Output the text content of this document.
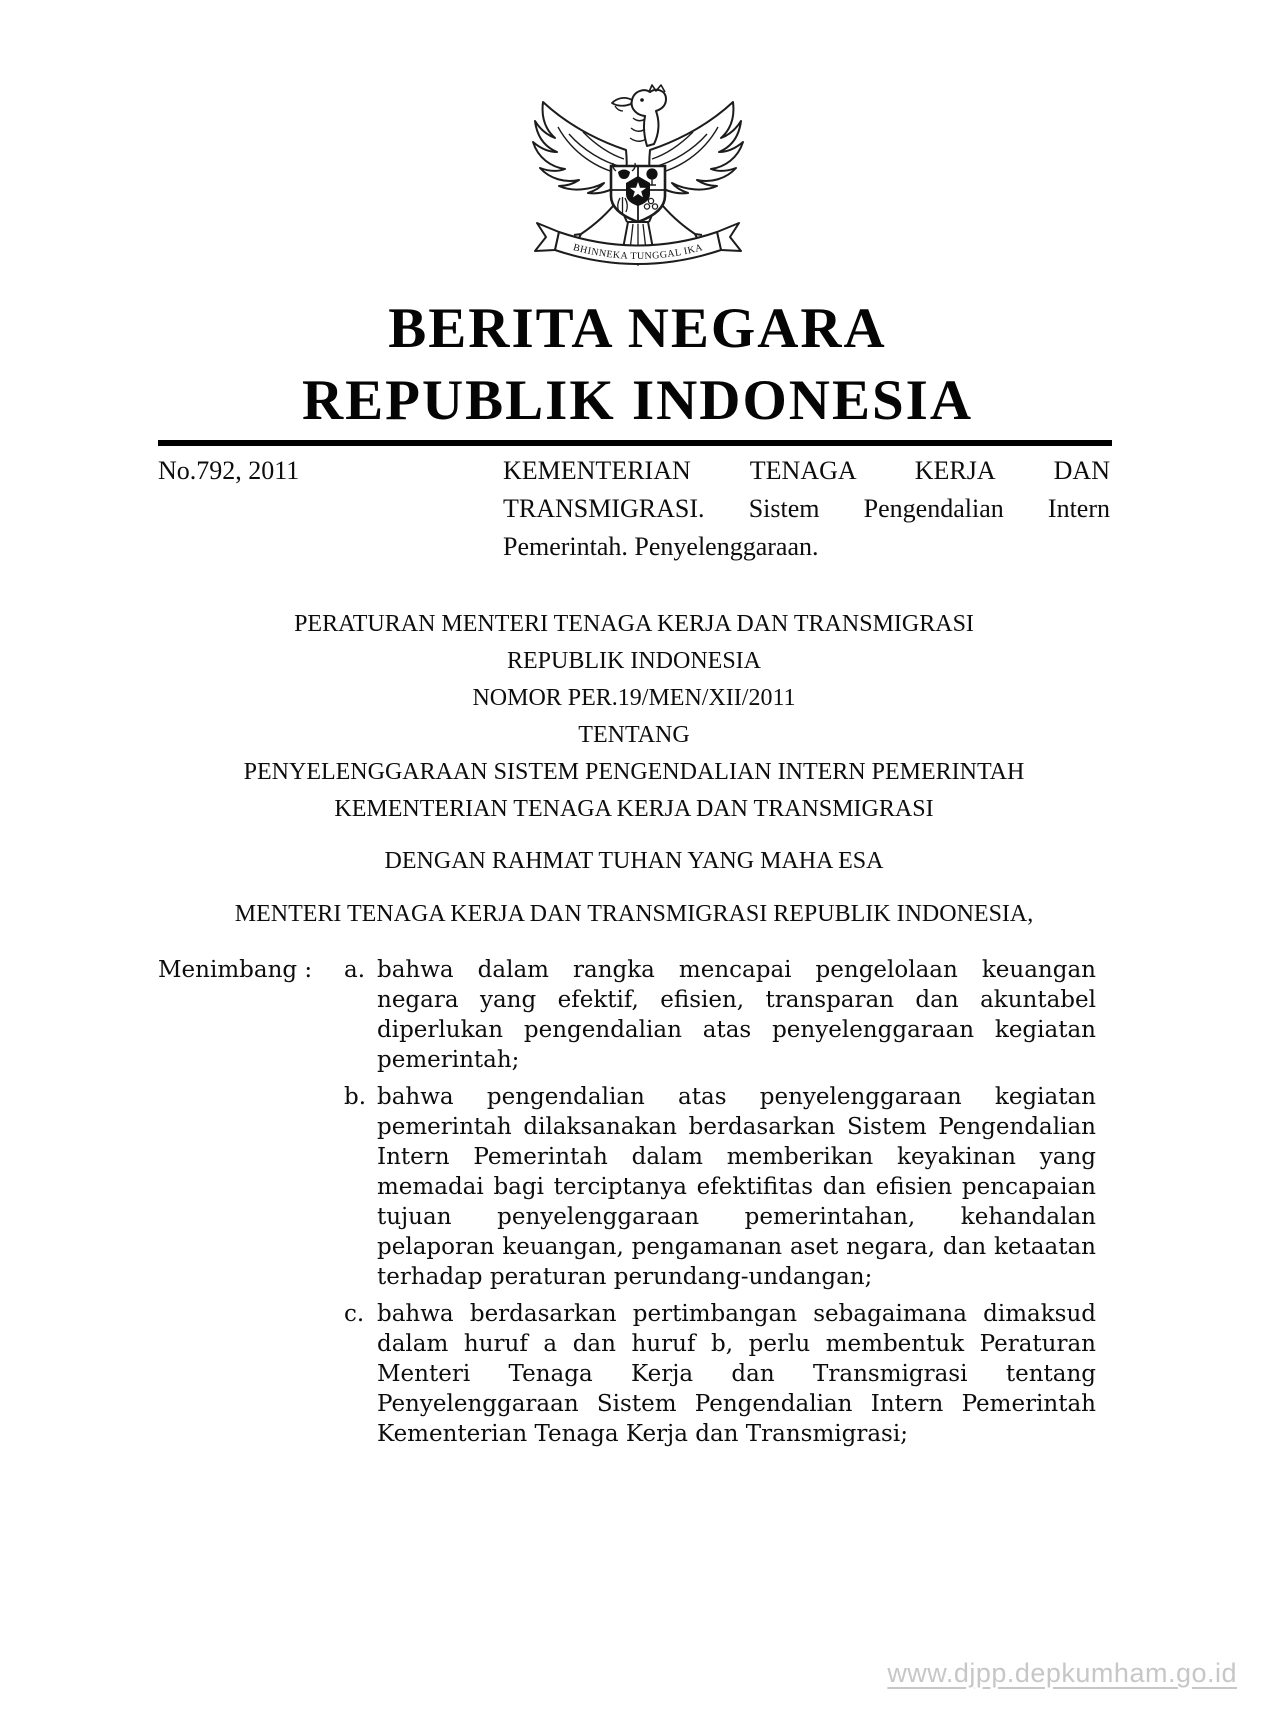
BHINNEKA TUNGGAL IKA
BERITA NEGARA
REPUBLIK INDONESIA
No.792, 2011	KEMENTERIAN TENAGA KERJA DAN TRANSMIGRASI. Sistem Pengendalian Intern Pemerintah. Penyelenggaraan.
PERATURAN MENTERI TENAGA KERJA DAN TRANSMIGRASI
REPUBLIK INDONESIA
NOMOR PER.19/MEN/XII/2011
TENTANG
PENYELENGGARAAN SISTEM PENGENDALIAN INTERN PEMERINTAH
KEMENTERIAN TENAGA KERJA DAN TRANSMIGRASI
DENGAN RAHMAT TUHAN YANG MAHA ESA
MENTERI TENAGA KERJA DAN TRANSMIGRASI REPUBLIK INDONESIA,
Menimbang :	a. bahwa dalam rangka mencapai pengelolaan keuangan negara yang efektif, efisien, transparan dan akuntabel diperlukan pengendalian atas penyelenggaraan kegiatan pemerintah;
b. bahwa pengendalian atas penyelenggaraan kegiatan pemerintah dilaksanakan berdasarkan Sistem Pengendalian Intern Pemerintah dalam memberikan keyakinan yang memadai bagi terciptanya efektifitas dan efisien pencapaian tujuan penyelenggaraan pemerintahan, kehandalan pelaporan keuangan, pengamanan aset negara, dan ketaatan terhadap peraturan perundang-undangan;
c. bahwa berdasarkan pertimbangan sebagaimana dimaksud dalam huruf a dan huruf b, perlu membentuk Peraturan Menteri Tenaga Kerja dan Transmigrasi tentang Penyelenggaraan Sistem Pengendalian Intern Pemerintah Kementerian Tenaga Kerja dan Transmigrasi;
www.djpp.depkumham.go.id
